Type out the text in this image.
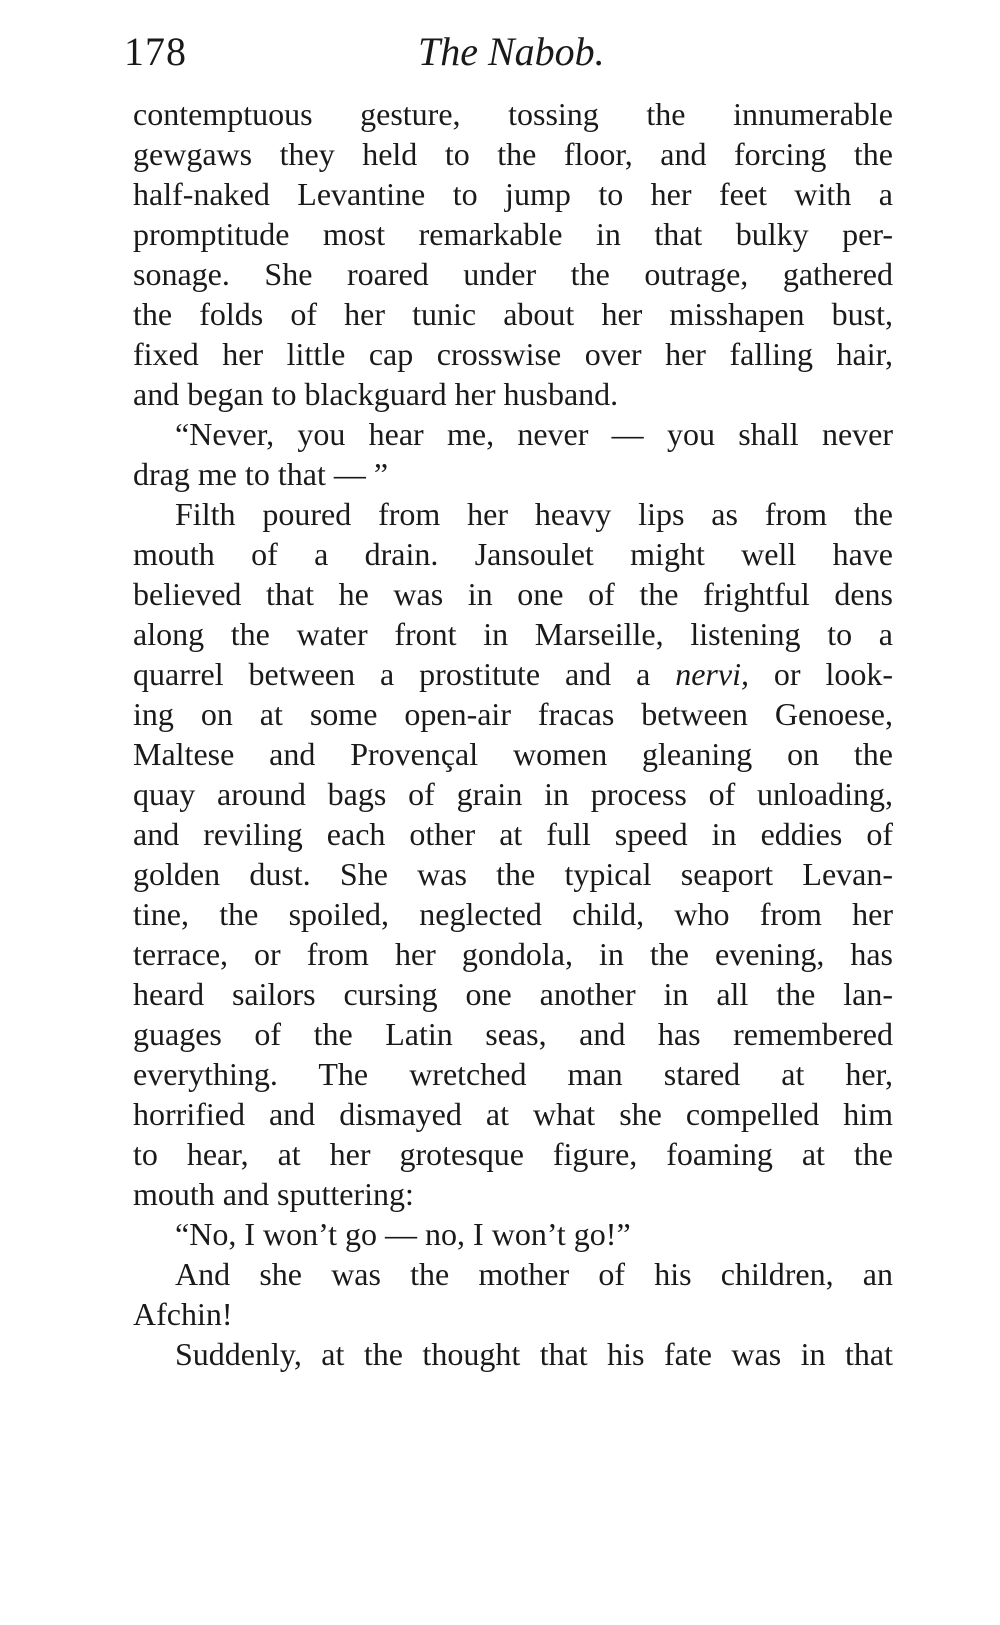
178	The Nabob.
contemptuous gesture, tossing the innumerable
gewgaws they held to the floor, and forcing the
half-naked Levantine to jump to her feet with a
promptitude most remarkable in that bulky per-
sonage. She roared under the outrage, gathered
the folds of her tunic about her misshapen bust,
fixed her little cap crosswise over her falling hair,
and began to blackguard her husband.
“Never, you hear me, never — you shall never
drag me to that — ”
Filth poured from her heavy lips as from the
mouth of a drain. Jansoulet might well have
believed that he was in one of the frightful dens
along the water front in Marseille, listening to a
quarrel between a prostitute and a nervi, or look-
ing on at some open-air fracas between Genoese,
Maltese and Provençal women gleaning on the
quay around bags of grain in process of unloading,
and reviling each other at full speed in eddies of
golden dust. She was the typical seaport Levan-
tine, the spoiled, neglected child, who from her
terrace, or from her gondola, in the evening, has
heard sailors cursing one another in all the lan-
guages of the Latin seas, and has remembered
everything. The wretched man stared at her,
horrified and dismayed at what she compelled him
to hear, at her grotesque figure, foaming at the
mouth and sputtering:
“No, I won’t go — no, I won’t go!”
And she was the mother of his children, an
Afchin!
Suddenly, at the thought that his fate was in that
